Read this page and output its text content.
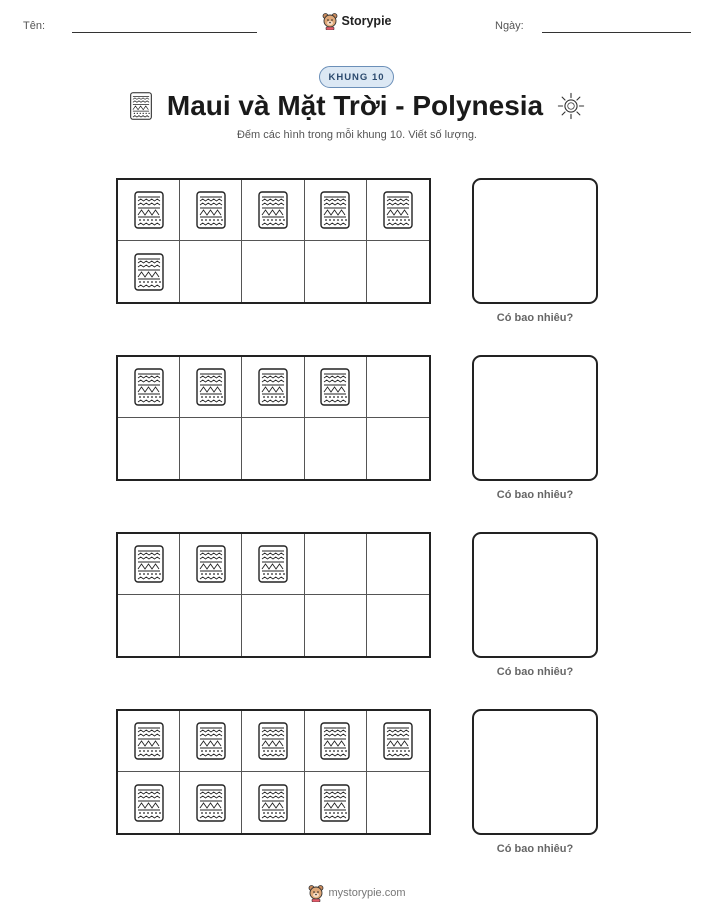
Tên:	Storypie	Ngày:
KHUNG 10
Maui và Mặt Trời - Polynesia
Đếm các hình trong mỗi khung 10. Viết số lượng.
Có bao nhiêu?
Có bao nhiêu?
Có bao nhiêu?
Có bao nhiêu?
mystorypie.com
